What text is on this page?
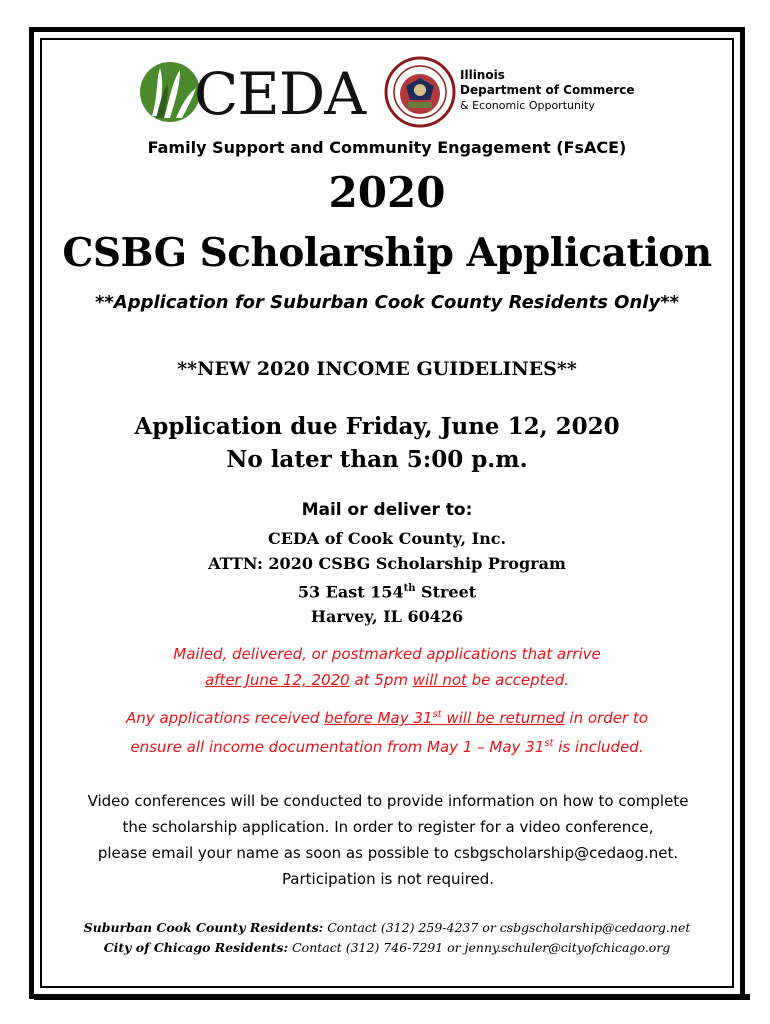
CEDA	Illinois
Department of Commerce
& Economic Opportunity
Family Support and Community Engagement (FsACE)
2020
CSBG Scholarship Application
**Application for Suburban Cook County Residents Only**
**NEW 2020 INCOME GUIDELINES**
Application due Friday, June 12, 2020
No later than 5:00 p.m.
Mail or deliver to:
CEDA of Cook County, Inc.
ATTN: 2020 CSBG Scholarship Program
53 East 154th Street
Harvey, IL 60426
Mailed, delivered, or postmarked applications that arrive
after June 12, 2020 at 5pm will not be accepted.
Any applications received before May 31st will be returned in order to
ensure all income documentation from May 1 – May 31st is included.
Video conferences will be conducted to provide information on how to complete
the scholarship application. In order to register for a video conference,
please email your name as soon as possible to csbgscholarship@cedaog.net.
Participation is not required.
Suburban Cook County Residents: Contact (312) 259-4237 or csbgscholarship@cedaorg.net
City of Chicago Residents: Contact (312) 746-7291 or jenny.schuler@cityofchicago.org
